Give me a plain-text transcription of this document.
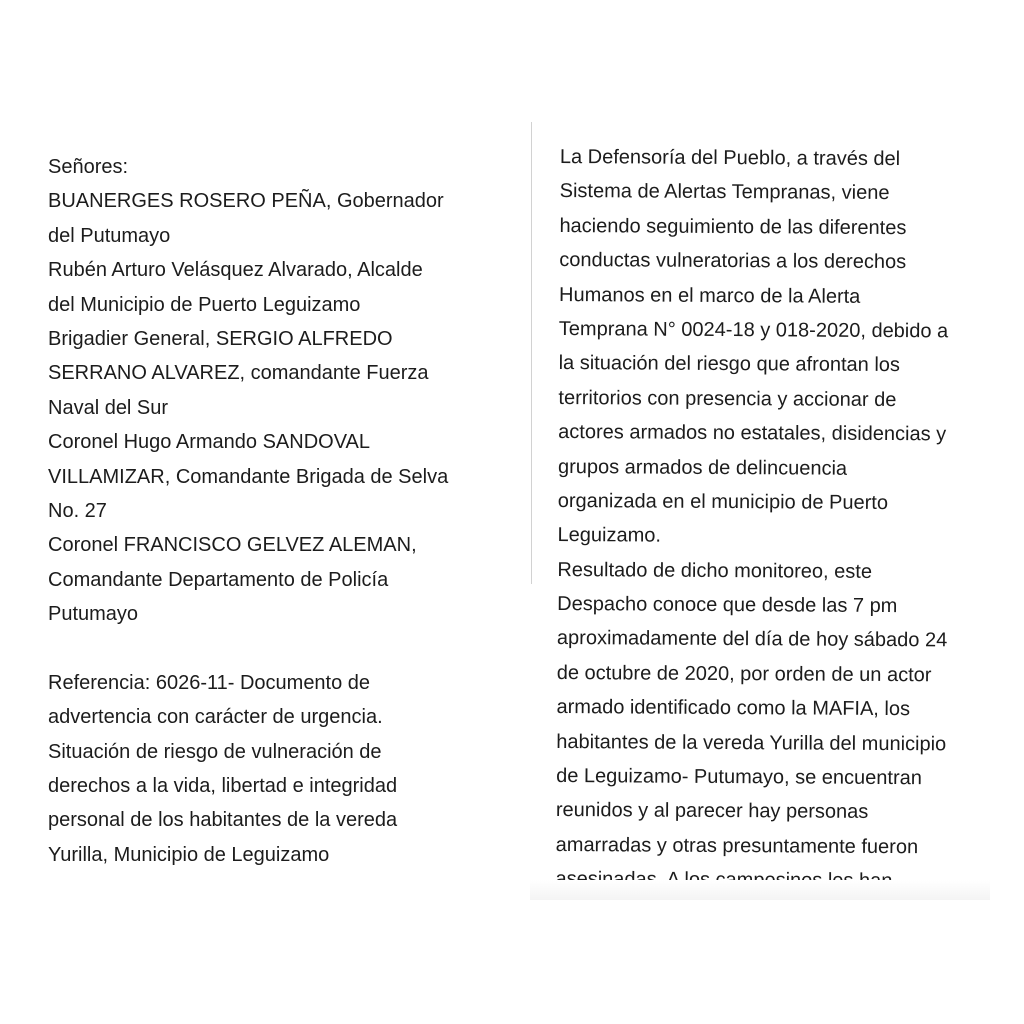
Señores:
BUANERGES ROSERO PEÑA, Gobernador
del Putumayo
Rubén Arturo Velásquez Alvarado, Alcalde
del Municipio de Puerto Leguizamo
Brigadier General, SERGIO ALFREDO
SERRANO ALVAREZ, comandante Fuerza
Naval del Sur
Coronel Hugo Armando SANDOVAL
VILLAMIZAR, Comandante Brigada de Selva
No. 27
Coronel FRANCISCO GELVEZ ALEMAN,
Comandante Departamento de Policía
Putumayo
Referencia: 6026-11- Documento de
advertencia con carácter de urgencia.
Situación de riesgo de vulneración de
derechos a la vida, libertad e integridad
personal de los habitantes de la vereda
Yurilla, Municipio de Leguizamo
La Defensoría del Pueblo, a través del
Sistema de Alertas Tempranas, viene
haciendo seguimiento de las diferentes
conductas vulneratorias a los derechos
Humanos en el marco de la Alerta
Temprana N° 0024-18 y 018-2020, debido a
la situación del riesgo que afrontan los
territorios con presencia y accionar de
actores armados no estatales, disidencias y
grupos armados de delincuencia
organizada en el municipio de Puerto
Leguizamo.
Resultado de dicho monitoreo, este
Despacho conoce que desde las 7 pm
aproximadamente del día de hoy sábado 24
de octubre de 2020, por orden de un actor
armado identificado como la MAFIA, los
habitantes de la vereda Yurilla del municipio
de Leguizamo- Putumayo, se encuentran
reunidos y al parecer hay personas
amarradas y otras presuntamente fueron
